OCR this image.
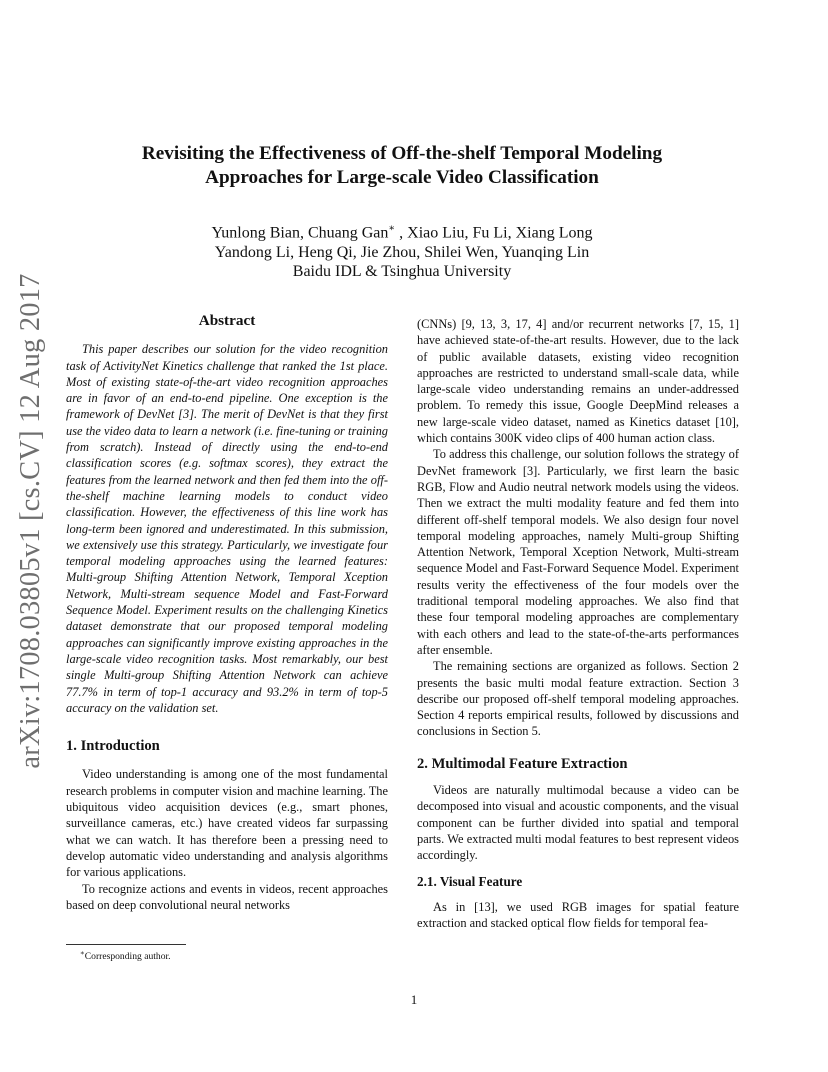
arXiv:1708.03805v1 [cs.CV] 12 Aug 2017
Revisiting the Effectiveness of Off-the-shelf Temporal Modeling
Approaches for Large-scale Video Classification
Yunlong Bian, Chuang Gan∗ , Xiao Liu, Fu Li, Xiang Long
Yandong Li, Heng Qi, Jie Zhou, Shilei Wen, Yuanqing Lin
Baidu IDL & Tsinghua University
Abstract

This paper describes our solution for the video recognition task of ActivityNet Kinetics challenge that ranked the 1st place. Most of existing state-of-the-art video recognition approaches are in favor of an end-to-end pipeline. One exception is the framework of DevNet [3]. The merit of DevNet is that they first use the video data to learn a network (i.e. fine-tuning or training from scratch). Instead of directly using the end-to-end classification scores (e.g. softmax scores), they extract the features from the learned network and then fed them into the off-the-shelf machine learning models to conduct video classification. However, the effectiveness of this line work has long-term been ignored and underestimated. In this submission, we extensively use this strategy. Particularly, we investigate four temporal modeling approaches using the learned features: Multi-group Shifting Attention Network, Temporal Xception Network, Multi-stream sequence Model and Fast-Forward Sequence Model. Experiment results on the challenging Kinetics dataset demonstrate that our proposed temporal modeling approaches can significantly improve existing approaches in the large-scale video recognition tasks. Most remarkably, our best single Multi-group Shifting Attention Network can achieve 77.7% in term of top-1 accuracy and 93.2% in term of top-5 accuracy on the validation set.

1. Introduction

Video understanding is among one of the most fundamental research problems in computer vision and machine learning. The ubiquitous video acquisition devices (e.g., smart phones, surveillance cameras, etc.) have created videos far surpassing what we can watch. It has therefore been a pressing need to develop automatic video understanding and analysis algorithms for various applications.

To recognize actions and events in videos, recent approaches based on deep convolutional neural networks

(CNNs) [9, 13, 3, 17, 4] and/or recurrent networks [7, 15, 1] have achieved state-of-the-art results. However, due to the lack of public available datasets, existing video recognition approaches are restricted to understand small-scale data, while large-scale video understanding remains an under-addressed problem. To remedy this issue, Google DeepMind releases a new large-scale video dataset, named as Kinetics dataset [10], which contains 300K video clips of 400 human action class.

To address this challenge, our solution follows the strategy of DevNet framework [3]. Particularly, we first learn the basic RGB, Flow and Audio neutral network models using the videos. Then we extract the multi modality feature and fed them into different off-shelf temporal models. We also design four novel temporal modeling approaches, namely Multi-group Shifting Attention Network, Temporal Xception Network, Multi-stream sequence Model and Fast-Forward Sequence Model. Experiment results verity the effectiveness of the four models over the traditional temporal modeling approaches. We also find that these four temporal modeling approaches are complementary with each others and lead to the state-of-the-arts performances after ensemble.

The remaining sections are organized as follows. Section 2 presents the basic multi modal feature extraction. Section 3 describe our proposed off-shelf temporal modeling approaches. Section 4 reports empirical results, followed by discussions and conclusions in Section 5.

2. Multimodal Feature Extraction

Videos are naturally multimodal because a video can be decomposed into visual and acoustic components, and the visual component can be further divided into spatial and temporal parts. We extracted multi modal features to best represent videos accordingly.

2.1. Visual Feature

As in [13], we used RGB images for spatial feature extraction and stacked optical flow fields for temporal fea-

∗Corresponding author.
1
